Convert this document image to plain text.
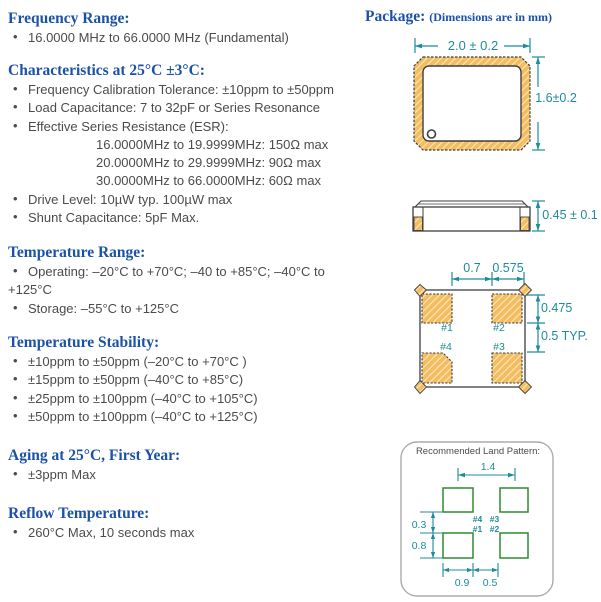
Frequency Range:
• 16.0000 MHz to 66.0000 MHz (Fundamental)
Characteristics at 25°C ±3°C:
• Frequency Calibration Tolerance: ±10ppm to ±50ppm
• Load Capacitance: 7 to 32pF or Series Resonance
• Effective Series Resistance (ESR):
16.0000MHz to 19.9999MHz: 150Ω max
20.0000MHz to 29.9999MHz: 90Ω max
30.0000MHz to 66.0000MHz: 60Ω max
• Drive Level: 10µW typ. 100µW max
• Shunt Capacitance: 5pF Max.
Temperature Range:
• Operating: –20°C to +70°C; –40 to +85°C; –40°C to
+125°C
• Storage: –55°C to +125°C
Temperature Stability:
• ±10ppm to ±50ppm (–20°C to +70°C )
• ±15ppm to ±50ppm (–40°C to +85°C)
• ±25ppm to ±100ppm (–40°C to +105°C)
• ±50ppm to ±100ppm (–40°C to +125°C)
Aging at 25°C, First Year:
• ±3ppm Max
Reflow Temperature:
• 260°C Max, 10 seconds max
Package: (Dimensions are in mm)
2.0 ± 0.2
1.6±0.2
0.45 ± 0.1
0.7 0.575
#1	#2
#4	#3
0.475
0.5 TYP.
Recommended Land Pattern:
1.4
0.3
0.8
0.9	0.5
#4 #3
#1 #2
